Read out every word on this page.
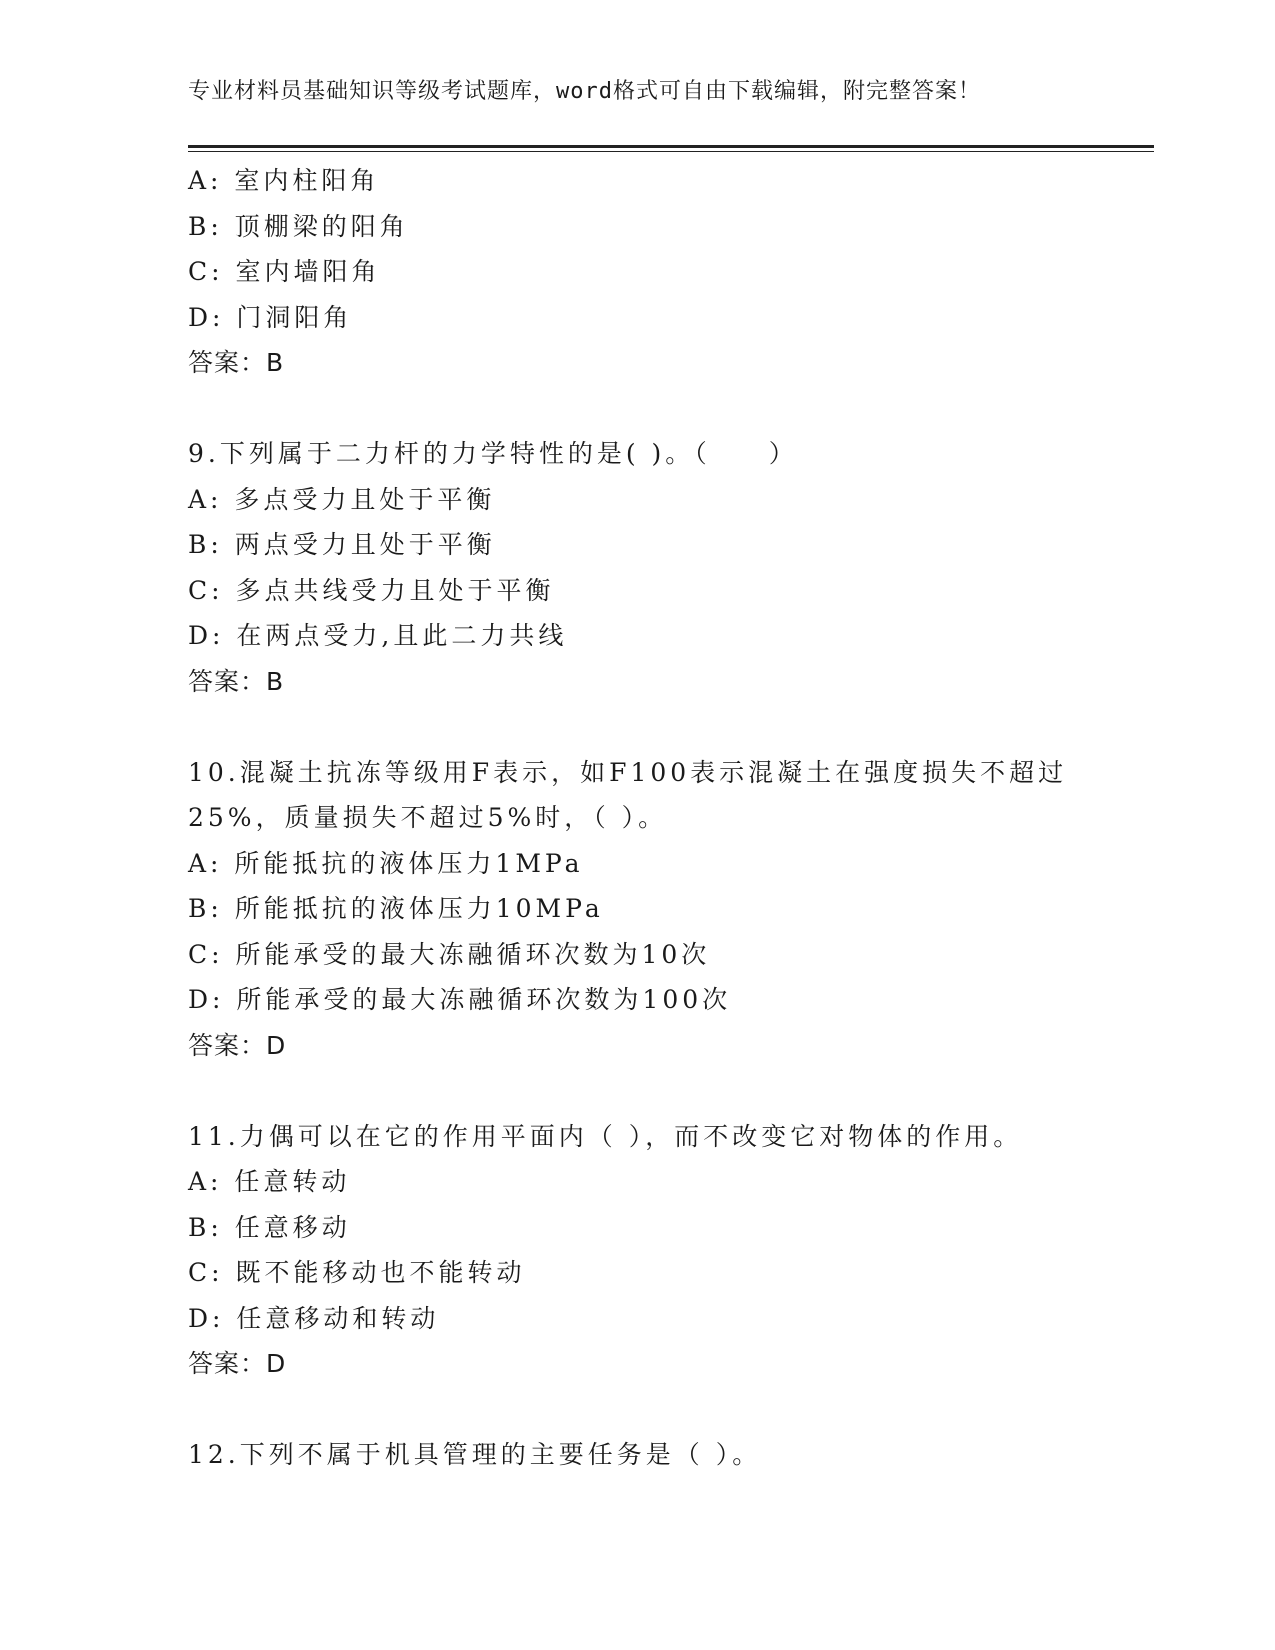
专业材料员基础知识等级考试题库，word格式可自由下载编辑，附完整答案！
A: 室内柱阳角
B: 顶棚梁的阳角
C: 室内墙阳角
D: 门洞阳角
答案：B
9.下列属于二力杆的力学特性的是( )。（　　）
A: 多点受力且处于平衡
B: 两点受力且处于平衡
C: 多点共线受力且处于平衡
D: 在两点受力,且此二力共线
答案：B
10.混凝土抗冻等级用F表示，如F100表示混凝土在强度损失不超过
25%，质量损失不超过5%时，（ ）。
A: 所能抵抗的液体压力1MPa
B: 所能抵抗的液体压力10MPa
C: 所能承受的最大冻融循环次数为10次
D: 所能承受的最大冻融循环次数为100次
答案：D
11.力偶可以在它的作用平面内（ ），而不改变它对物体的作用。
A: 任意转动
B: 任意移动
C: 既不能移动也不能转动
D: 任意移动和转动
答案：D
12.下列不属于机具管理的主要任务是（ ）。
